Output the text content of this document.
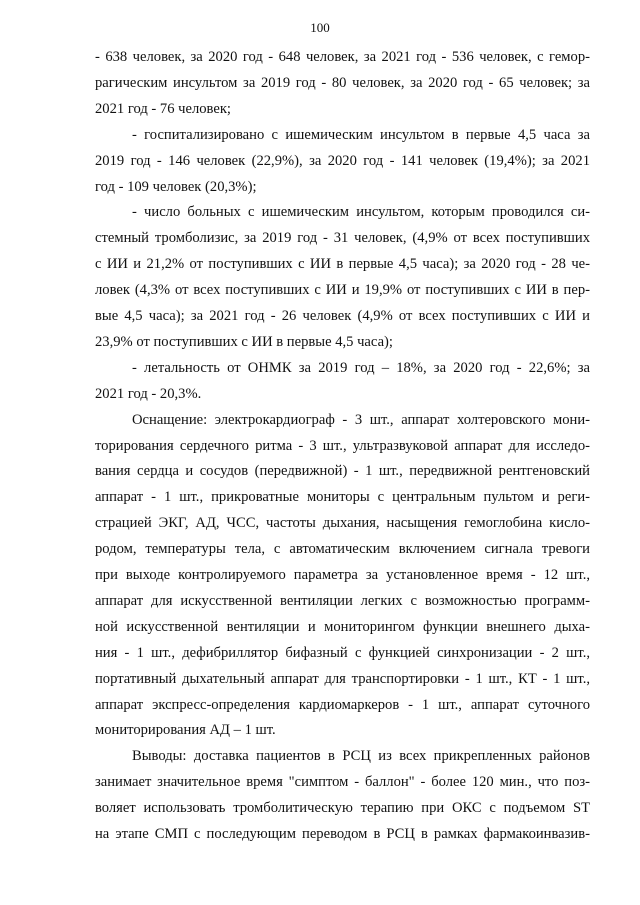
100
- 638 человек, за 2020 год - 648 человек, за 2021 год - 536 человек, с гемор-
рагическим инсультом за 2019 год - 80 человек, за 2020 год - 65 человек; за
2021 год - 76 человек;
- госпитализировано с ишемическим инсультом в первые 4,5 часа за
2019 год - 146 человек (22,9%), за 2020 год - 141 человек (19,4%); за 2021
год - 109 человек (20,3%);
- число больных с ишемическим инсультом, которым проводился си-
стемный тромболизис, за 2019 год - 31 человек, (4,9% от всех поступивших
с ИИ и 21,2% от поступивших с ИИ в первые 4,5 часа); за 2020 год - 28 че-
ловек (4,3% от всех поступивших с ИИ и 19,9% от поступивших с ИИ в пер-
вые 4,5 часа); за 2021 год - 26 человек (4,9% от всех поступивших с ИИ и
23,9% от поступивших с ИИ в первые 4,5 часа);
- летальность от ОНМК за 2019 год – 18%, за 2020 год - 22,6%; за
2021 год - 20,3%.
Оснащение: электрокардиограф - 3 шт., аппарат холтеровского мони-
торирования сердечного ритма - 3 шт., ультразвуковой аппарат для исследо-
вания сердца и сосудов (передвижной) - 1 шт., передвижной рентгеновский
аппарат - 1 шт., прикроватные мониторы с центральным пультом и реги-
страцией ЭКГ, АД, ЧСС, частоты дыхания, насыщения гемоглобина кисло-
родом, температуры тела, с автоматическим включением сигнала тревоги
при выходе контролируемого параметра за установленное время - 12 шт.,
аппарат для искусственной вентиляции легких с возможностью программ-
ной искусственной вентиляции и мониторингом функции внешнего дыха-
ния - 1 шт., дефибриллятор бифазный с функцией синхронизации - 2 шт.,
портативный дыхательный аппарат для транспортировки - 1 шт., КТ - 1 шт.,
аппарат экспресс-определения кардиомаркеров - 1 шт., аппарат суточного
мониторирования АД – 1 шт.
Выводы: доставка пациентов в РСЦ из всех прикрепленных районов
занимает значительное время "симптом - баллон" - более 120 мин., что поз-
воляет использовать тромболитическую терапию при ОКС с подъемом ST
на этапе СМП с последующим переводом в РСЦ в рамках фармакоинвазив-
